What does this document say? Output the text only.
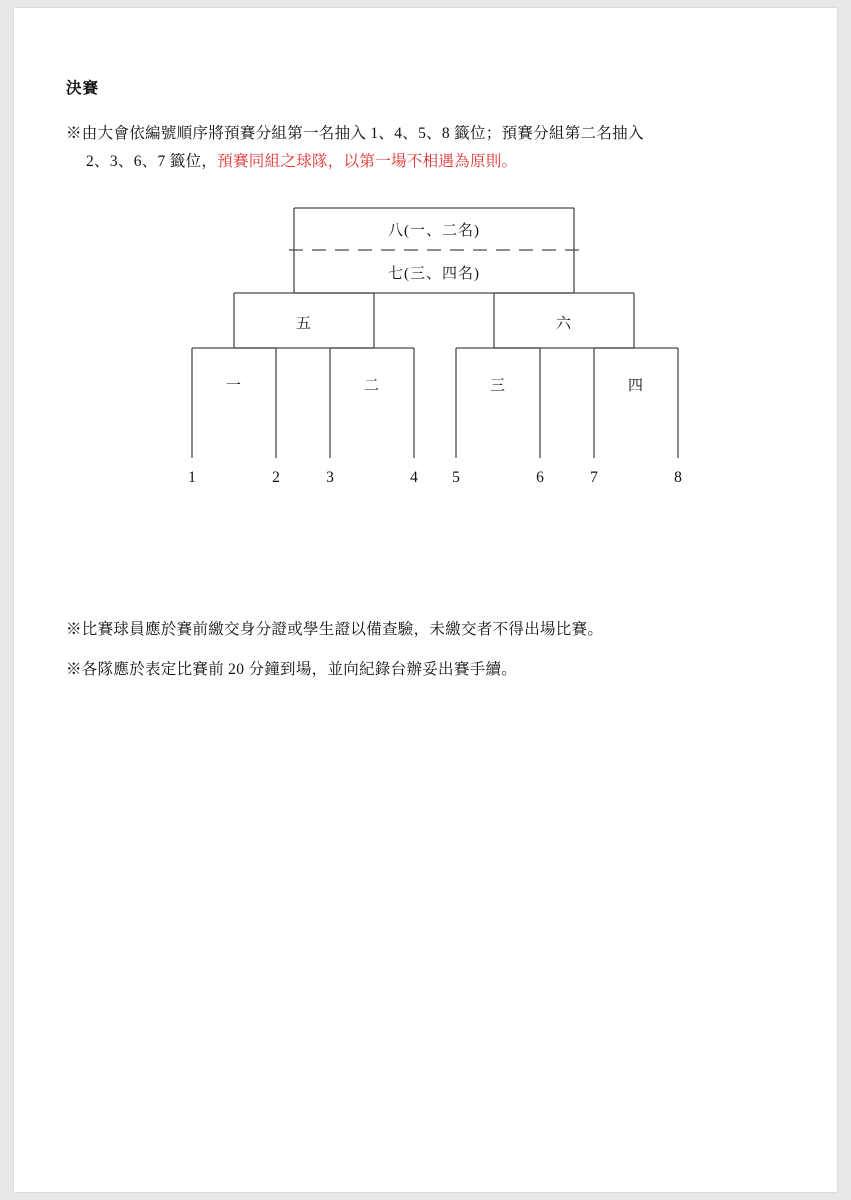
決賽
※由大會依編號順序將預賽分組第一名抽入 1、4、5、8 籤位；預賽分組第二名抽入
2、3、6、7 籤位，預賽同組之球隊，以第一場不相遇為原則。
八(一、二名)
七(三、四名)
五	六
一	二	三	四
1	2	3	4 5	6	7	8
※比賽球員應於賽前繳交身分證或學生證以備查驗，未繳交者不得出場比賽。
※各隊應於表定比賽前 20 分鐘到場，並向紀錄台辦妥出賽手續。
